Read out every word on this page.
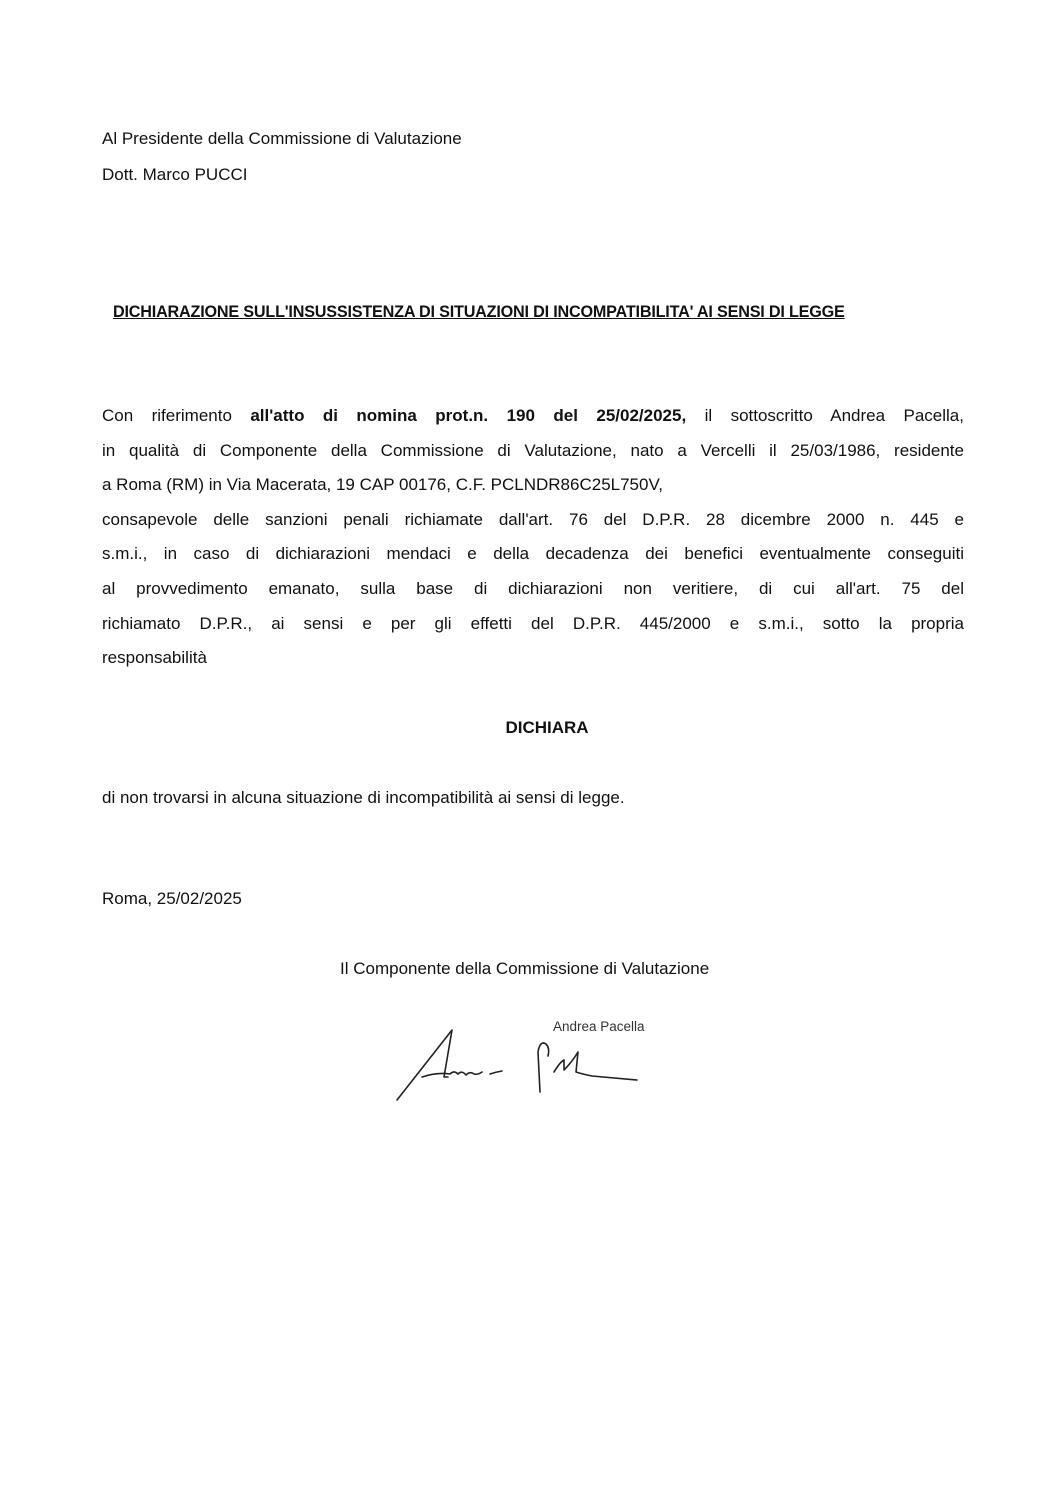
Al Presidente della Commissione di Valutazione
Dott. Marco PUCCI
DICHIARAZIONE SULL'INSUSSISTENZA DI SITUAZIONI DI INCOMPATIBILITA' AI SENSI DI LEGGE
Con riferimento all'atto di nomina prot.n. 190 del 25/02/2025, il sottoscritto Andrea Pacella,
in qualità di Componente della Commissione di Valutazione, nato a Vercelli il 25/03/1986, residente
a Roma (RM) in Via Macerata, 19 CAP 00176, C.F. PCLNDR86C25L750V,
consapevole delle sanzioni penali richiamate dall'art. 76 del D.P.R. 28 dicembre 2000 n. 445 e
s.m.i., in caso di dichiarazioni mendaci e della decadenza dei benefici eventualmente conseguiti
al provvedimento emanato, sulla base di dichiarazioni non veritiere, di cui all'art. 75 del
richiamato D.P.R., ai sensi e per gli effetti del D.P.R. 445/2000 e s.m.i., sotto la propria
responsabilità
DICHIARA
di non trovarsi in alcuna situazione di incompatibilità ai sensi di legge.
Roma, 25/02/2025
Il Componente della Commissione di Valutazione
Andrea Pacella
